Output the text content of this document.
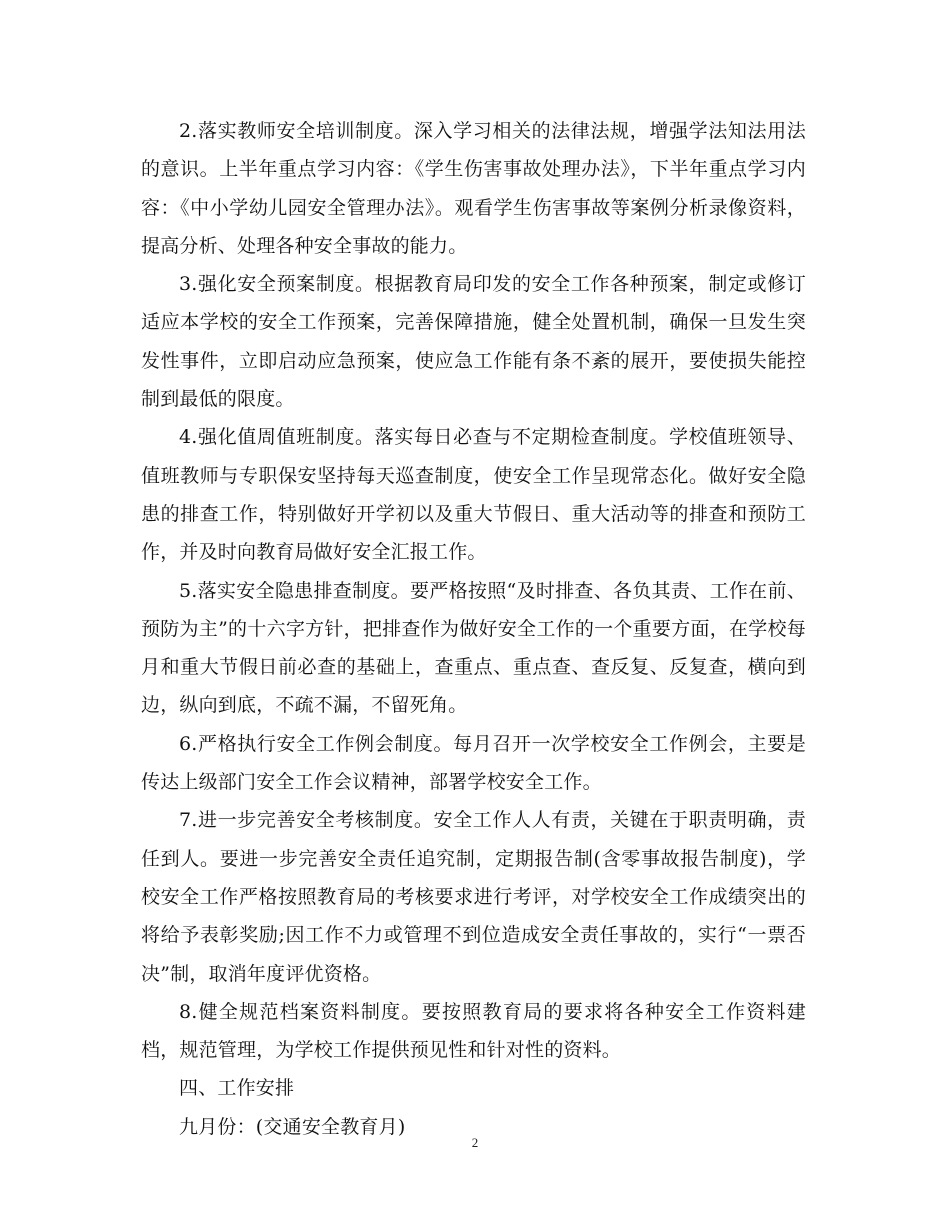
2.落实教师安全培训制度。深入学习相关的法律法规，增强学法知法用法的意识。上半年重点学习内容：《学生伤害事故处理办法》，下半年重点学习内容：《中小学幼儿园安全管理办法》。观看学生伤害事故等案例分析录像资料，提高分析、处理各种安全事故的能力。

3.强化安全预案制度。根据教育局印发的安全工作各种预案，制定或修订适应本学校的安全工作预案，完善保障措施，健全处置机制，确保一旦发生突发性事件，立即启动应急预案，使应急工作能有条不紊的展开，要使损失能控制到最低的限度。

4.强化值周值班制度。落实每日必查与不定期检查制度。学校值班领导、值班教师与专职保安坚持每天巡查制度，使安全工作呈现常态化。做好安全隐患的排查工作，特别做好开学初以及重大节假日、重大活动等的排查和预防工作，并及时向教育局做好安全汇报工作。

5.落实安全隐患排查制度。要严格按照“及时排查、各负其责、工作在前、预防为主”的十六字方针，把排查作为做好安全工作的一个重要方面，在学校每月和重大节假日前必查的基础上，查重点、重点查、查反复、反复查，横向到边，纵向到底，不疏不漏，不留死角。

6.严格执行安全工作例会制度。每月召开一次学校安全工作例会，主要是传达上级部门安全工作会议精神，部署学校安全工作。

7.进一步完善安全考核制度。安全工作人人有责，关键在于职责明确，责任到人。要进一步完善安全责任追究制，定期报告制(含零事故报告制度)，学校安全工作严格按照教育局的考核要求进行考评，对学校安全工作成绩突出的将给予表彰奖励;因工作不力或管理不到位造成安全责任事故的，实行“一票否决”制，取消年度评优资格。

8.健全规范档案资料制度。要按照教育局的要求将各种安全工作资料建档，规范管理，为学校工作提供预见性和针对性的资料。

四、工作安排

九月份：(交通安全教育月)

2
